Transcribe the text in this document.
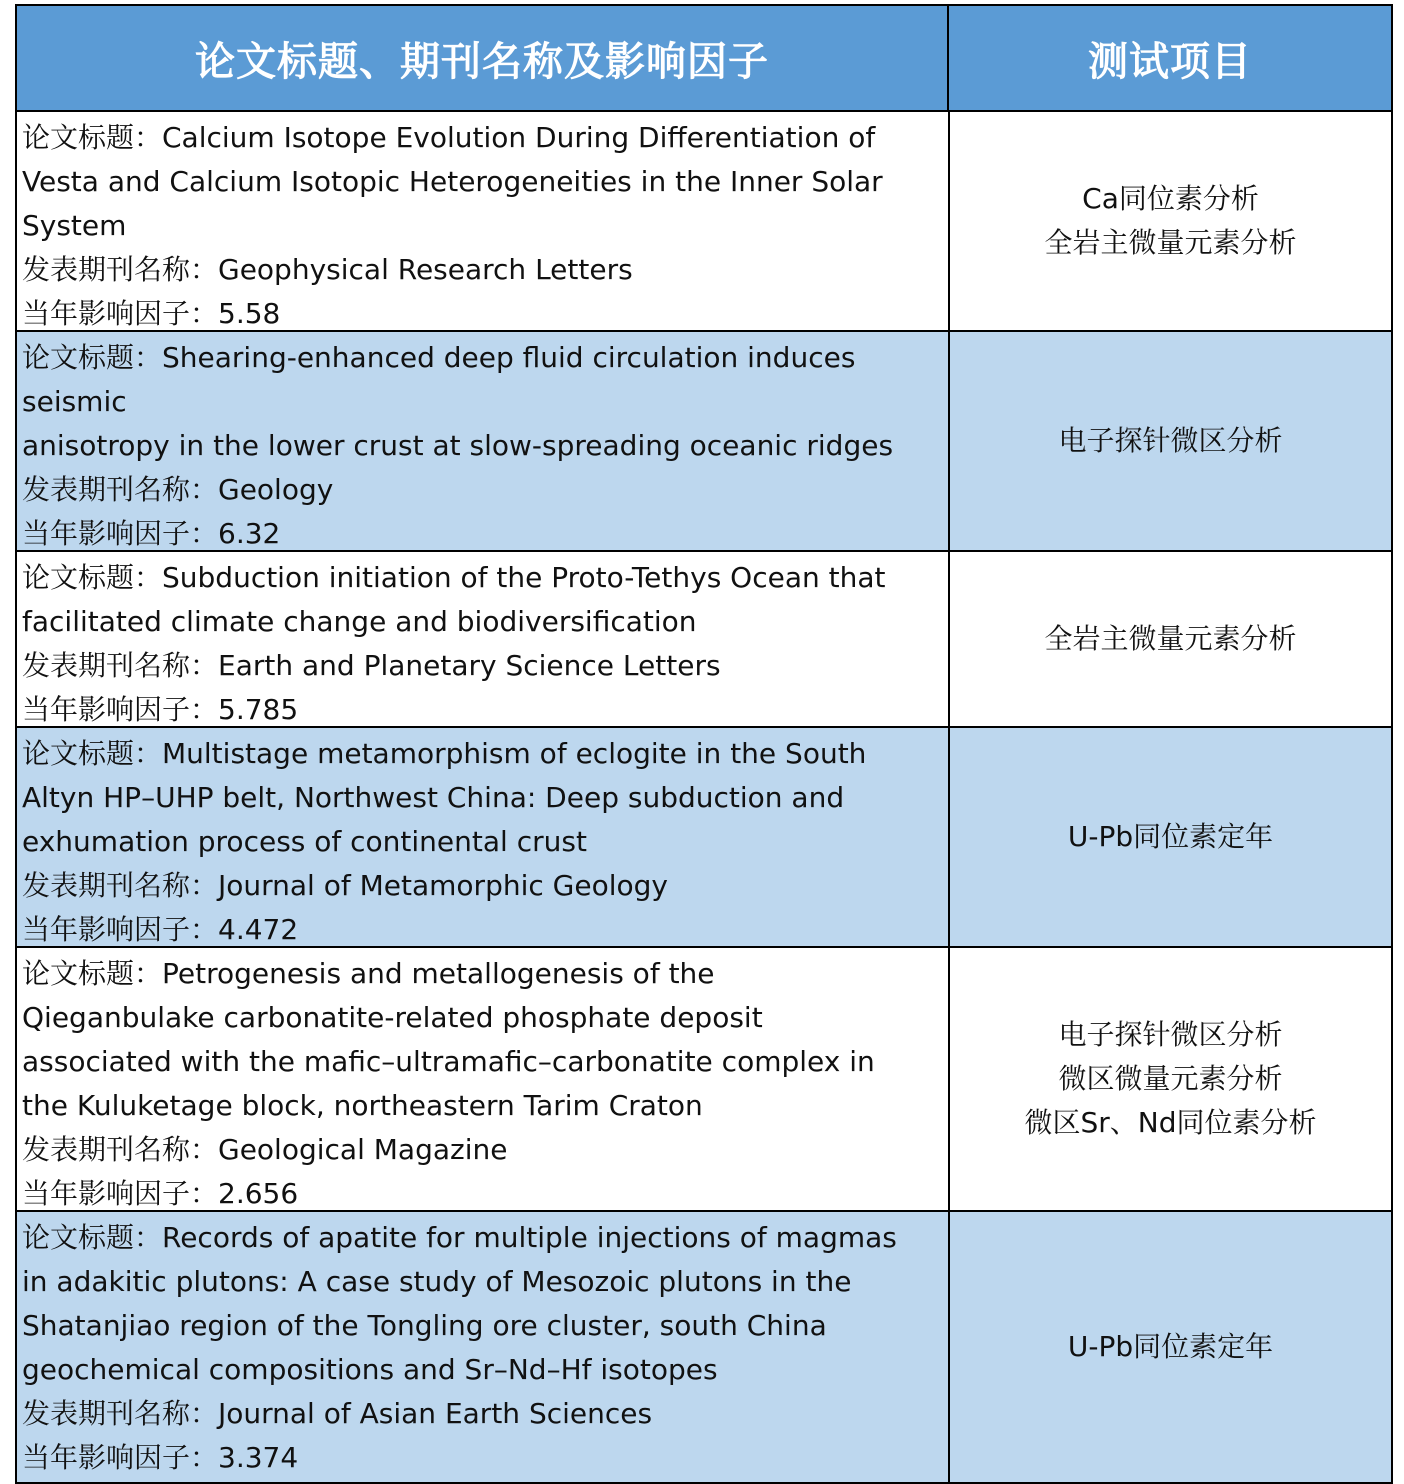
论文标题、期刊名称及影响因子	测试项目
论文标题：Calcium Isotope Evolution During Differentiation of
Vesta and Calcium Isotopic Heterogeneities in the Inner Solar
System
发表期刊名称：Geophysical Research Letters
当年影响因子：5.58
Ca同位素分析
全岩主微量元素分析
论文标题：Shearing-enhanced deep fluid circulation induces
seismic
anisotropy in the lower crust at slow-spreading oceanic ridges
发表期刊名称：Geology
当年影响因子：6.32
电子探针微区分析
论文标题：Subduction initiation of the Proto-Tethys Ocean that
facilitated climate change and biodiversification
发表期刊名称：Earth and Planetary Science Letters
当年影响因子：5.785
全岩主微量元素分析
论文标题：Multistage metamorphism of eclogite in the South
Altyn HP–UHP belt, Northwest China: Deep subduction and
exhumation process of continental crust
发表期刊名称：Journal of Metamorphic Geology
当年影响因子：4.472
U-Pb同位素定年
论文标题：Petrogenesis and metallogenesis of the
Qieganbulake carbonatite-related phosphate deposit
associated with the mafic–ultramafic–carbonatite complex in
the Kuluketage block, northeastern Tarim Craton
发表期刊名称：Geological Magazine
当年影响因子：2.656
电子探针微区分析
微区微量元素分析
微区Sr、Nd同位素分析
论文标题：Records of apatite for multiple injections of magmas
in adakitic plutons: A case study of Mesozoic plutons in the
Shatanjiao region of the Tongling ore cluster, south China
geochemical compositions and Sr–Nd–Hf isotopes
发表期刊名称：Journal of Asian Earth Sciences
当年影响因子：3.374
U-Pb同位素定年
